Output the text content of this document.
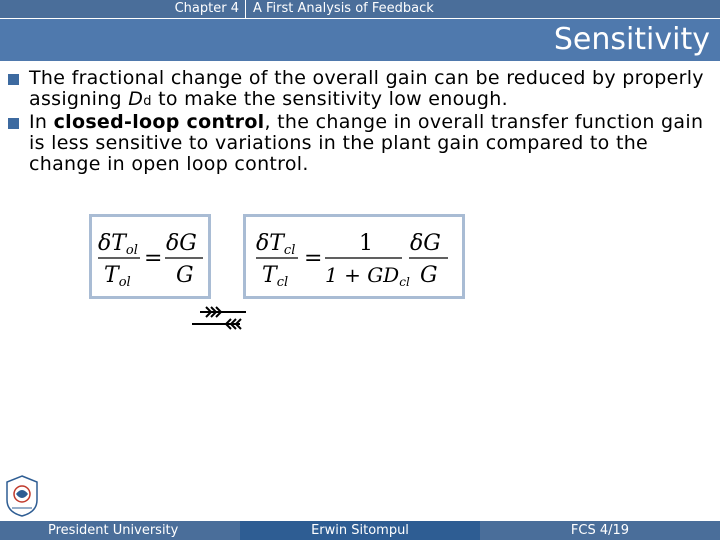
Chapter 4	A First Analysis of Feedback
Sensitivity
The fractional change of the overall gain can be reduced by properly assigning Dd to make the sensitivity low enough.
In closed-loop control, the change in overall transfer function gain is less sensitive to variations in the plant gain compared to the change in open loop control.
δTol
Tol
=
δG
G
δTcl
Tcl
=
1
$1 + GD_{cl}$
δG
G
President University	Erwin Sitompul	FCS 4/19
